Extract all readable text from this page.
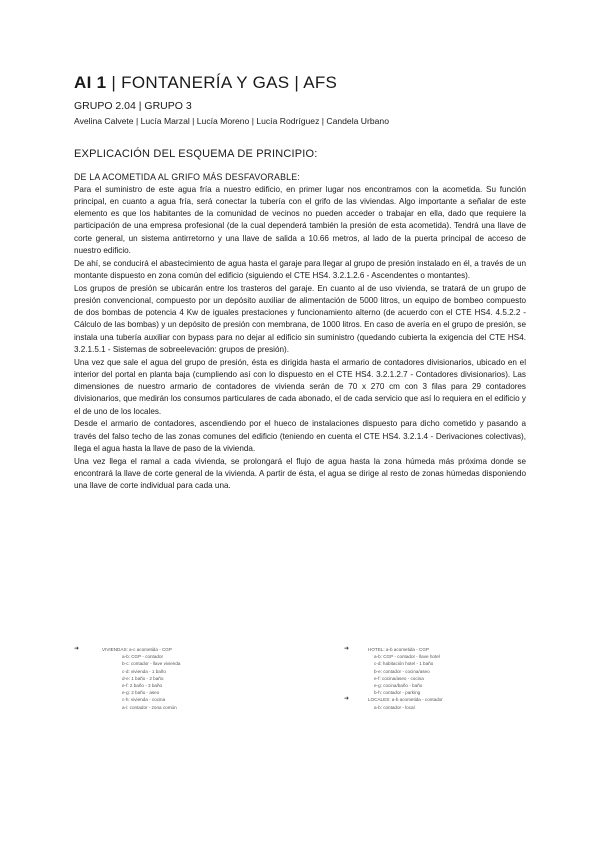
AI 1 | FONTANERÍA Y GAS | AFS
GRUPO 2.04 | GRUPO 3
Avelina Calvete | Lucía Marzal | Lucía Moreno | Lucía Rodríguez | Candela Urbano
EXPLICACIÓN DEL ESQUEMA DE PRINCIPIO:
DE LA ACOMETIDA AL GRIFO MÁS DESFAVORABLE:

Para el suministro de este agua fría a nuestro edificio, en primer lugar nos encontramos con la acometida. Su función principal, en cuanto a agua fría, será conectar la tubería con el grifo de las viviendas. Algo importante a señalar de este elemento es que los habitantes de la comunidad de vecinos no pueden acceder o trabajar en ella, dado que requiere la participación de una empresa profesional (de la cual dependerá también la presión de esta acometida). Tendrá una llave de corte general, un sistema antirretorno y una llave de salida a 10.66 metros, al lado de la puerta principal de acceso de nuestro edificio.

De ahí, se conducirá el abastecimiento de agua hasta el garaje para llegar al grupo de presión instalado en él, a través de un montante dispuesto en zona común del edificio (siguiendo el CTE HS4. 3.2.1.2.6 - Ascendentes o montantes).

Los grupos de presión se ubicarán entre los trasteros del garaje. En cuanto al de uso vivienda, se tratará de un grupo de presión convencional, compuesto por un depósito auxiliar de alimentación de 5000 litros, un equipo de bombeo compuesto de dos bombas de potencia 4 Kw de iguales prestaciones y funcionamiento alterno (de acuerdo con el CTE HS4. 4.5.2.2 - Cálculo de las bombas) y un depósito de presión con membrana, de 1000 litros. En caso de avería en el grupo de presión, se instala una tubería auxiliar con bypass para no dejar al edificio sin suministro (quedando cubierta la exigencia del CTE HS4. 3.2.1.5.1 - Sistemas de sobreelevación: grupos de presión).

Una vez que sale el agua del grupo de presión, ésta es dirigida hasta el armario de contadores divisionarios, ubicado en el interior del portal en planta baja (cumpliendo así con lo dispuesto en el CTE HS4. 3.2.1.2.7 - Contadores divisionarios). Las dimensiones de nuestro armario de contadores de vivienda serán de 70 x 270 cm con 3 filas para 29 contadores divisionarios, que medirán los consumos particulares de cada abonado, el de cada servicio que así lo requiera en el edificio y el de uno de los locales.

Desde el armario de contadores, ascendiendo por el hueco de instalaciones dispuesto para dicho cometido y pasando a través del falso techo de las zonas comunes del edificio (teniendo en cuenta el CTE HS4. 3.2.1.4 - Derivaciones colectivas), llega el agua hasta la llave de paso de la vivienda.

Una vez llega el ramal a cada vivienda, se prolongará el flujo de agua hasta la zona húmeda más próxima donde se encontrará la llave de corte general de la vivienda. A partir de ésta, el agua se dirige al resto de zonas húmedas disponiendo una llave de corte individual para cada una.

➜	VIVIENDAS: a-c acometida - CGP
a-b: CGP - contador
b-c: contador - llave vivienda
c-d: vivienda - 1 baño
d-e: 1 baño - 2 baño
e-f: 2 baño - 3 baño
e-g: 2 baño - aseo
c-h: vivienda - cocina
a-i: contador - zona común
➜	HOTEL: a-b acometida - CGP
a-b: CGP - contador - llave hotel
c-d: habitación hotel - 1 baño
b-e: contador - cocina/aseo
e-f: cocina/aseo - cocina
e-g: cocina/baño - baño
b-h: contador - parking
➜	LOCALES: a-b acometida - contador
a-b: contador - local
